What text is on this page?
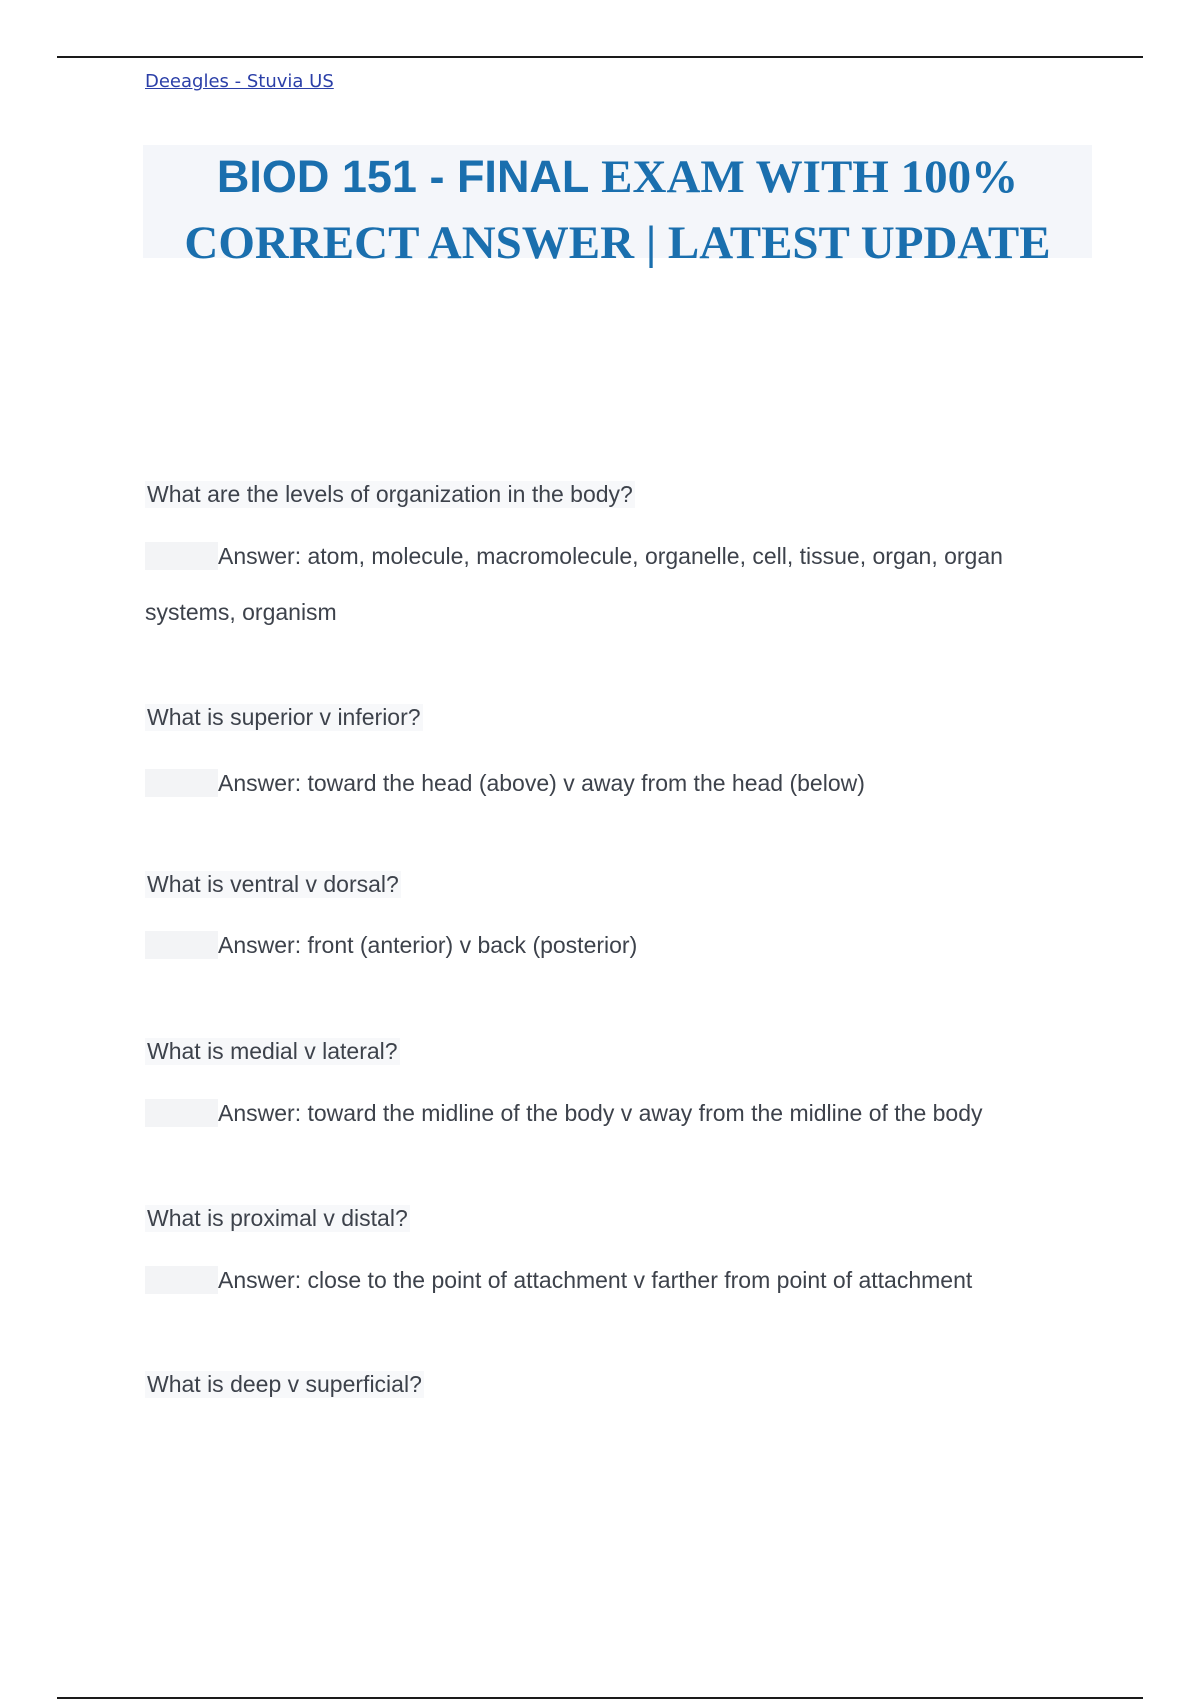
Deeagles - Stuvia US
BIOD 151 - FINAL EXAM WITH 100%
CORRECT ANSWER | LATEST UPDATE
What are the levels of organization in the body?
Answer: atom, molecule, macromolecule, organelle, cell, tissue, organ, organ
systems, organism
What is superior v inferior?
Answer: toward the head (above) v away from the head (below)
What is ventral v dorsal?
Answer: front (anterior) v back (posterior)
What is medial v lateral?
Answer: toward the midline of the body v away from the midline of the body
What is proximal v distal?
Answer: close to the point of attachment v farther from point of attachment
What is deep v superficial?
